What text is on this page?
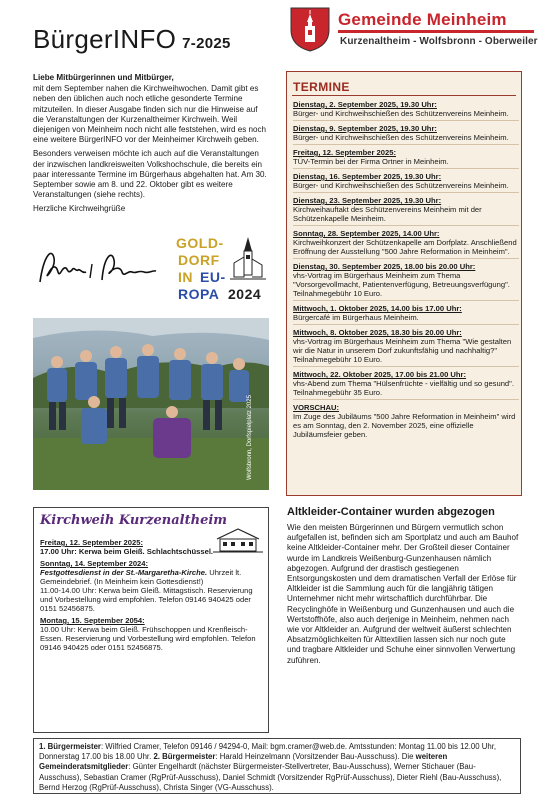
BürgerINFO 7-2025
Gemeinde Meinheim
Kurzenaltheim - Wolfsbronn - Oberweiler

Liebe Mitbürgerinnen und Mitbürger,

mit dem September nahen die Kirchweihwochen. Damit gibt es neben den üblichen auch noch etliche gesonderte Termine mitzuteilen. In dieser Ausgabe finden sich nur die Hinweise auf die Veranstaltungen der Kurzenaltheimer Kirchweih. Weil diejenigen von Meinheim noch nicht alle feststehen, wird es noch eine weitere BürgerINFO vor der Meinheimer Kirchweih geben.

Besonders verweisen möchte ich auch auf die Veranstaltungen der inzwischen landkreisweiten Volkshochschule, die bereits ein paar interessante Termine im Bürgerhaus abgehalten hat. Am 30. September sowie am 8. und 22. Oktober gibt es weitere Veranstaltungen (siehe rechts).

Herzliche Kirchweihgrüße

GOLD-
DORF
IN EU-
ROPA 2024
Wolfsbronn, Dorfspielplatz 2025
TERMINE
Dienstag, 2. September 2025, 19.30 Uhr:
Bürger- und Kirchweihschießen des Schützenvereins Meinheim.
Dienstag, 9. September 2025, 19.30 Uhr:
Bürger- und Kirchweihschießen des Schützenvereins Meinheim.
Freitag, 12. September 2025:
TÜV-Termin bei der Firma Ortner in Meinheim.
Dienstag, 16. September 2025, 19.30 Uhr:
Bürger- und Kirchweihschießen des Schützenvereins Meinheim.
Dienstag, 23. September 2025, 19.30 Uhr:
Kirchweihauftakt des Schützenvereins Meinheim mit der Schützenkapelle Meinheim.
Sonntag, 28. September 2025, 14.00 Uhr:
Kirchweihkonzert der Schützenkapelle am Dorfplatz. Anschließend Eröffnung der Ausstellung "500 Jahre Reformation in Meinheim".
Dienstag, 30. September 2025, 18.00 bis 20.00 Uhr:
vhs-Vortrag im Bürgerhaus Meinheim zum Thema "Vorsorgevollmacht, Patientenverfügung, Betreuungsverfügung". Teilnahmegebühr 10 Euro.
Mittwoch, 1. Oktober 2025, 14.00 bis 17.00 Uhr:
Bürgercafé im Bürgerhaus Meinheim.
Mittwoch, 8. Oktober 2025, 18.30 bis 20.00 Uhr:
vhs-Vortrag im Bürgerhaus Meinheim zum Thema "Wie gestalten wir die Natur in unserem Dorf zukunftsfähig und nachhaltig?" Teilnahmegebühr 10 Euro.
Mittwoch, 22. Oktober 2025, 17.00 bis 21.00 Uhr:
vhs-Abend zum Thema "Hülsenfrüchte - vielfältig und so gesund". Teilnahmegebühr 35 Euro.
VORSCHAU:
Im Zuge des Jubiläums "500 Jahre Reformation in Meinheim" wird es am Sonntag, den 2. November 2025, eine offizielle Jubiläumsfeier geben.
Kirchweih Kurzenaltheim
Freitag, 12. September 2025:
17.00 Uhr: Kerwa beim Gleiß. Schlachtschüssel.
Sonntag, 14. September 2024:
Festgottesdienst in der St.-Margaretha-Kirche. Uhrzeit lt. Gemeindebrief. (In Meinheim kein Gottesdienst!)
11.00-14.00 Uhr: Kerwa beim Gleiß. Mittagstisch. Reservierung und Vorbestellung wird empfohlen. Telefon 09146 940425 oder 0151 52456875.
Montag, 15. September 2054:
10.00 Uhr: Kerwa beim Gleiß. Frühschoppen und Krenfleisch-Essen. Reservierung und Vorbestellung wird empfohlen. Telefon 09146 940425 oder 0151 52456875.
Altkleider-Container wurden abgezogen
Wie den meisten Bürgerinnen und Bürgern vermutlich schon aufgefallen ist, befinden sich am Sportplatz und auch am Bauhof keine Altkleider-Container mehr. Der Großteil dieser Container wurde im Landkreis Weißenburg-Gunzenhausen nämlich abgezogen. Aufgrund der drastisch gestiegenen Entsorgungskosten und dem dramatischen Verfall der Erlöse für Altkleider ist die Sammlung auch für die langjährig tätigen Unternehmer nicht mehr wirtschaftlich durchführbar. Die Recyclinghöfe in Weißenburg und Gunzenhausen und auch die Wertstoffhöfe, also auch derjenige in Meinheim, nehmen nach wie vor Altkleider an. Aufgrund der weltweit äußerst schlechten Absatzmöglichkeiten für Alttextilien lassen sich nur noch gute und tragbare Altkleider und Schuhe einer sinnvollen Verwertung zuführen.
1. Bürgermeister: Wilfried Cramer, Telefon 09146 / 94294-0, Mail: bgm.cramer@web.de. Amtsstunden: Montag 11.00 bis 12.00 Uhr, Donnerstag 17.00 bis 18.00 Uhr. 2. Bürgermeister: Harald Heinzelmann (Vorsitzender Bau-Ausschuss). Die weiteren Gemeinderatsmitglieder: Günter Engelhardt (nächster Bürgermeister-Stellvertreter, Bau-Ausschuss), Werner Stichauer (Bau-Ausschuss), Sebastian Cramer (RgPrüf-Ausschuss), Daniel Schmidt (Vorsitzender RgPrüf-Ausschuss), Dieter Riehl (Bau-Ausschuss), Bernd Herzog (RgPrüf-Ausschuss), Christa Singer (VG-Ausschuss).
